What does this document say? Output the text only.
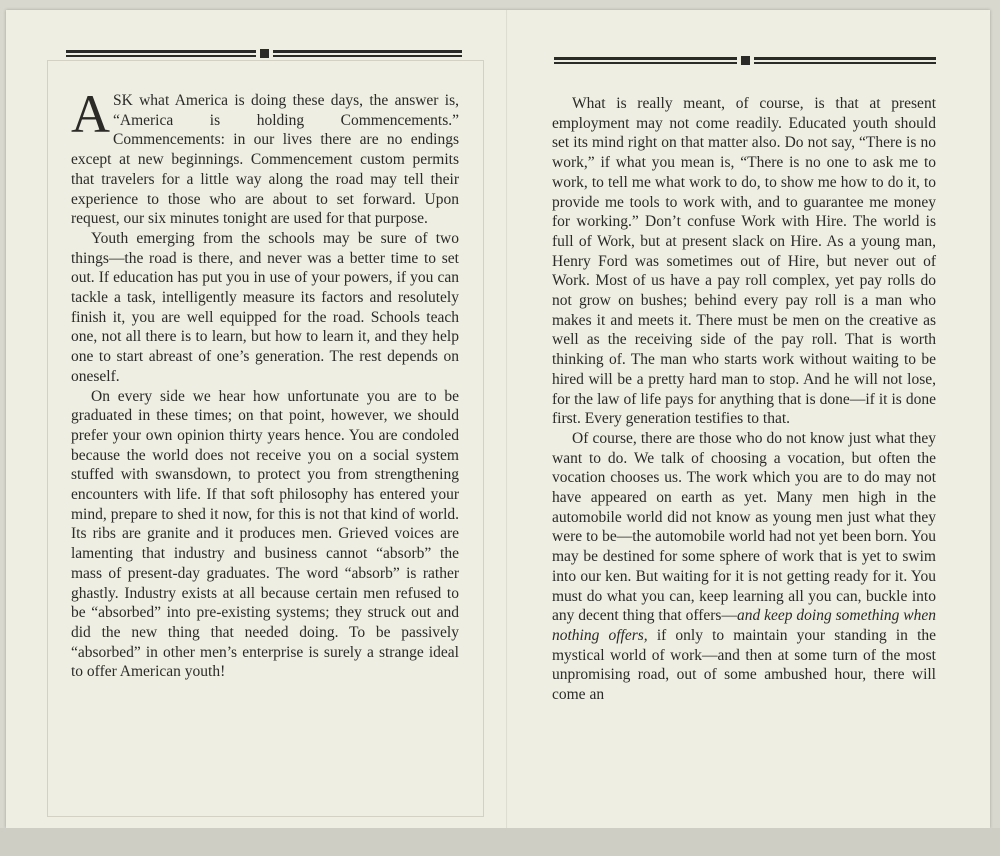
ASK what America is doing these days, the answer is, “America is holding Commencements.” Commencements: in our lives there are no endings except at new beginnings. Commencement custom permits that travelers for a little way along the road may tell their experience to those who are about to set forward. Upon request, our six minutes tonight are used for that purpose.

Youth emerging from the schools may be sure of two things—the road is there, and never was a better time to set out. If education has put you in use of your powers, if you can tackle a task, intelligently measure its factors and resolutely finish it, you are well equipped for the road. Schools teach one, not all there is to learn, but how to learn it, and they help one to start abreast of one’s generation. The rest depends on oneself.

On every side we hear how unfortunate you are to be graduated in these times; on that point, however, we should prefer your own opinion thirty years hence. You are condoled because the world does not receive you on a social system stuffed with swansdown, to protect you from strengthening encounters with life. If that soft philosophy has entered your mind, prepare to shed it now, for this is not that kind of world. Its ribs are granite and it produces men. Grieved voices are lamenting that industry and business cannot “absorb” the mass of present-day graduates. The word “absorb” is rather ghastly. Industry exists at all because certain men refused to be “absorbed” into pre-existing systems; they struck out and did the new thing that needed doing. To be passively “absorbed” in other men’s enterprise is surely a strange ideal to offer American youth!

What is really meant, of course, is that at present employment may not come readily. Educated youth should set its mind right on that matter also. Do not say, “There is no work,” if what you mean is, “There is no one to ask me to work, to tell me what work to do, to show me how to do it, to provide me tools to work with, and to guarantee me money for working.” Don’t confuse Work with Hire. The world is full of Work, but at present slack on Hire. As a young man, Henry Ford was sometimes out of Hire, but never out of Work. Most of us have a pay roll complex, yet pay rolls do not grow on bushes; behind every pay roll is a man who makes it and meets it. There must be men on the creative as well as the receiving side of the pay roll. That is worth thinking of. The man who starts work without waiting to be hired will be a pretty hard man to stop. And he will not lose, for the law of life pays for anything that is done—if it is done first. Every generation testifies to that.

Of course, there are those who do not know just what they want to do. We talk of choosing a vocation, but often the vocation chooses us. The work which you are to do may not have appeared on earth as yet. Many men high in the automobile world did not know as young men just what they were to be—the automobile world had not yet been born. You may be destined for some sphere of work that is yet to swim into our ken. But waiting for it is not getting ready for it. You must do what you can, keep learning all you can, buckle into any decent thing that offers—and keep doing something when nothing offers, if only to maintain your standing in the mystical world of work—and then at some turn of the most unpromising road, out of some ambushed hour, there will come an
